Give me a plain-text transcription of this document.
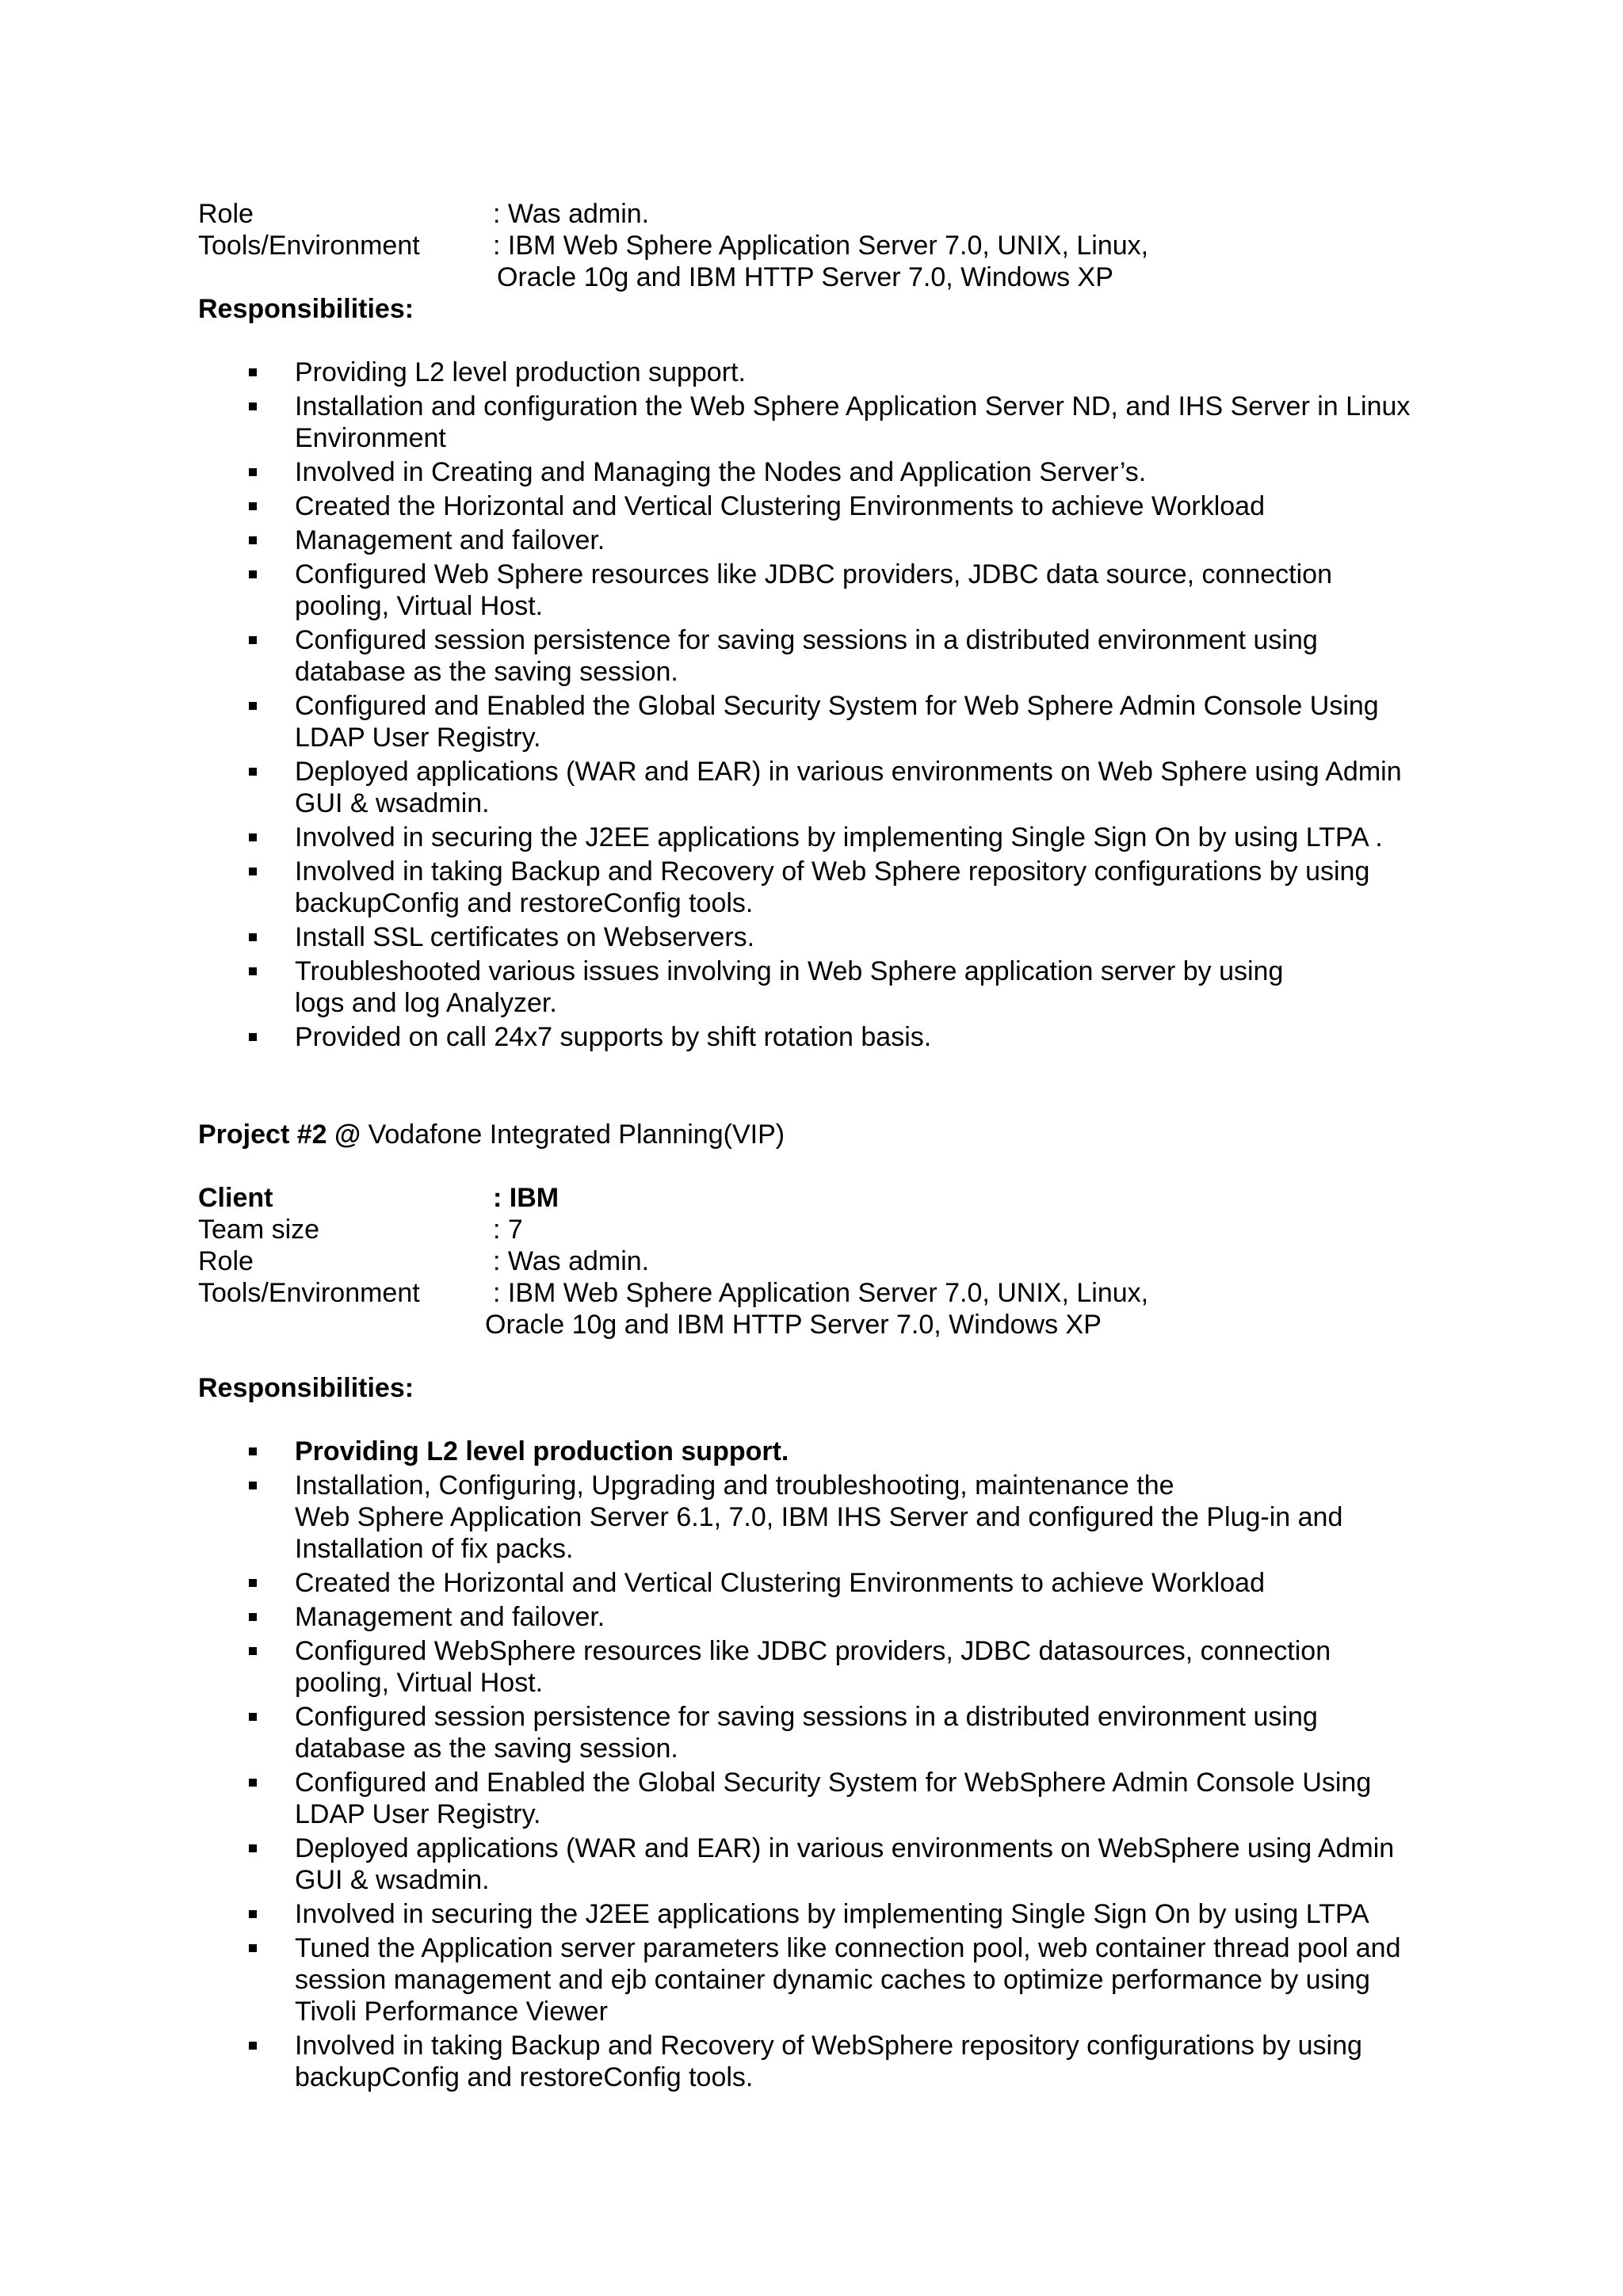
Role	: Was admin.
Tools/Environment	: IBM Web Sphere Application Server 7.0, UNIX, Linux,
Oracle 10g and IBM HTTP Server 7.0, Windows XP
Responsibilities:
Providing L2 level production support.
Installation and configuration the Web Sphere Application Server ND, and IHS Server in Linux
Environment
Involved in Creating and Managing the Nodes and Application Server’s.
Created the Horizontal and Vertical Clustering Environments to achieve Workload
Management and failover.
Configured Web Sphere resources like JDBC providers, JDBC data source, connection
pooling, Virtual Host.
Configured session persistence for saving sessions in a distributed environment using
database as the saving session.
Configured and Enabled the Global Security System for Web Sphere Admin Console Using
LDAP User Registry.
Deployed applications (WAR and EAR) in various environments on Web Sphere using Admin
GUI & wsadmin.
Involved in securing the J2EE applications by implementing Single Sign On by using LTPA .
Involved in taking Backup and Recovery of Web Sphere repository configurations by using
backupConfig and restoreConfig tools.
Install SSL certificates on Webservers.
Troubleshooted various issues involving in Web Sphere application server by using
logs and log Analyzer.
Provided on call 24x7 supports by shift rotation basis.
Project #2 @ Vodafone Integrated Planning(VIP)
Client	: IBM
Team size	: 7
Role	: Was admin.
Tools/Environment	: IBM Web Sphere Application Server 7.0, UNIX, Linux,
Oracle 10g and IBM HTTP Server 7.0, Windows XP
Responsibilities:
Providing L2 level production support.
Installation, Configuring, Upgrading and troubleshooting, maintenance the
Web Sphere Application Server 6.1, 7.0, IBM IHS Server and configured the Plug-in and
Installation of fix packs.
Created the Horizontal and Vertical Clustering Environments to achieve Workload
Management and failover.
Configured WebSphere resources like JDBC providers, JDBC datasources, connection
pooling, Virtual Host.
Configured session persistence for saving sessions in a distributed environment using
database as the saving session.
Configured and Enabled the Global Security System for WebSphere Admin Console Using
LDAP User Registry.
Deployed applications (WAR and EAR) in various environments on WebSphere using Admin
GUI & wsadmin.
Involved in securing the J2EE applications by implementing Single Sign On by using LTPA
Tuned the Application server parameters like connection pool, web container thread pool and
session management and ejb container dynamic caches to optimize performance by using
Tivoli Performance Viewer
Involved in taking Backup and Recovery of WebSphere repository configurations by using
backupConfig and restoreConfig tools.
